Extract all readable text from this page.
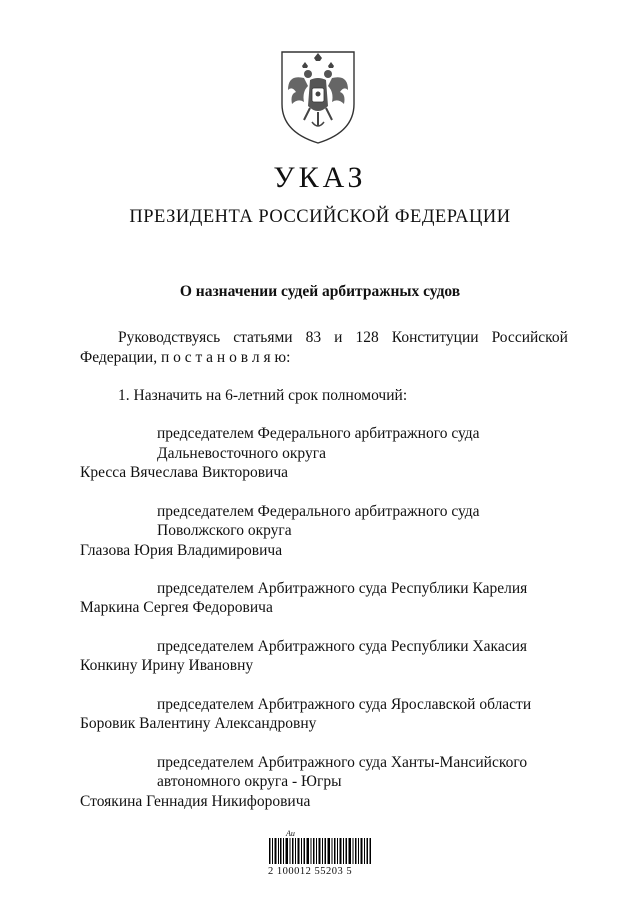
УКАЗ
ПРЕЗИДЕНТА РОССИЙСКОЙ ФЕДЕРАЦИИ
О назначении судей арбитражных судов
Руководствуясь статьями 83 и 128 Конституции Российской
Федерации, п о с т а н о в л я ю:
1. Назначить на 6-летний срок полномочий:
председателем Федерального арбитражного суда
Дальневосточного округа
Кресса Вячеслава Викторовича
председателем Федерального арбитражного суда
Поволжского округа
Глазова Юрия Владимировича
председателем Арбитражного суда Республики Карелия
Маркина Сергея Федоровича
председателем Арбитражного суда Республики Хакасия
Конкину Ирину Ивановну
председателем Арбитражного суда Ярославской области
Боровик Валентину Александровну
председателем Арбитражного суда Ханты-Мансийского
автономного округа - Югры
Стоякина Геннадия Никифоровича
Au
2 100012 55203 5
